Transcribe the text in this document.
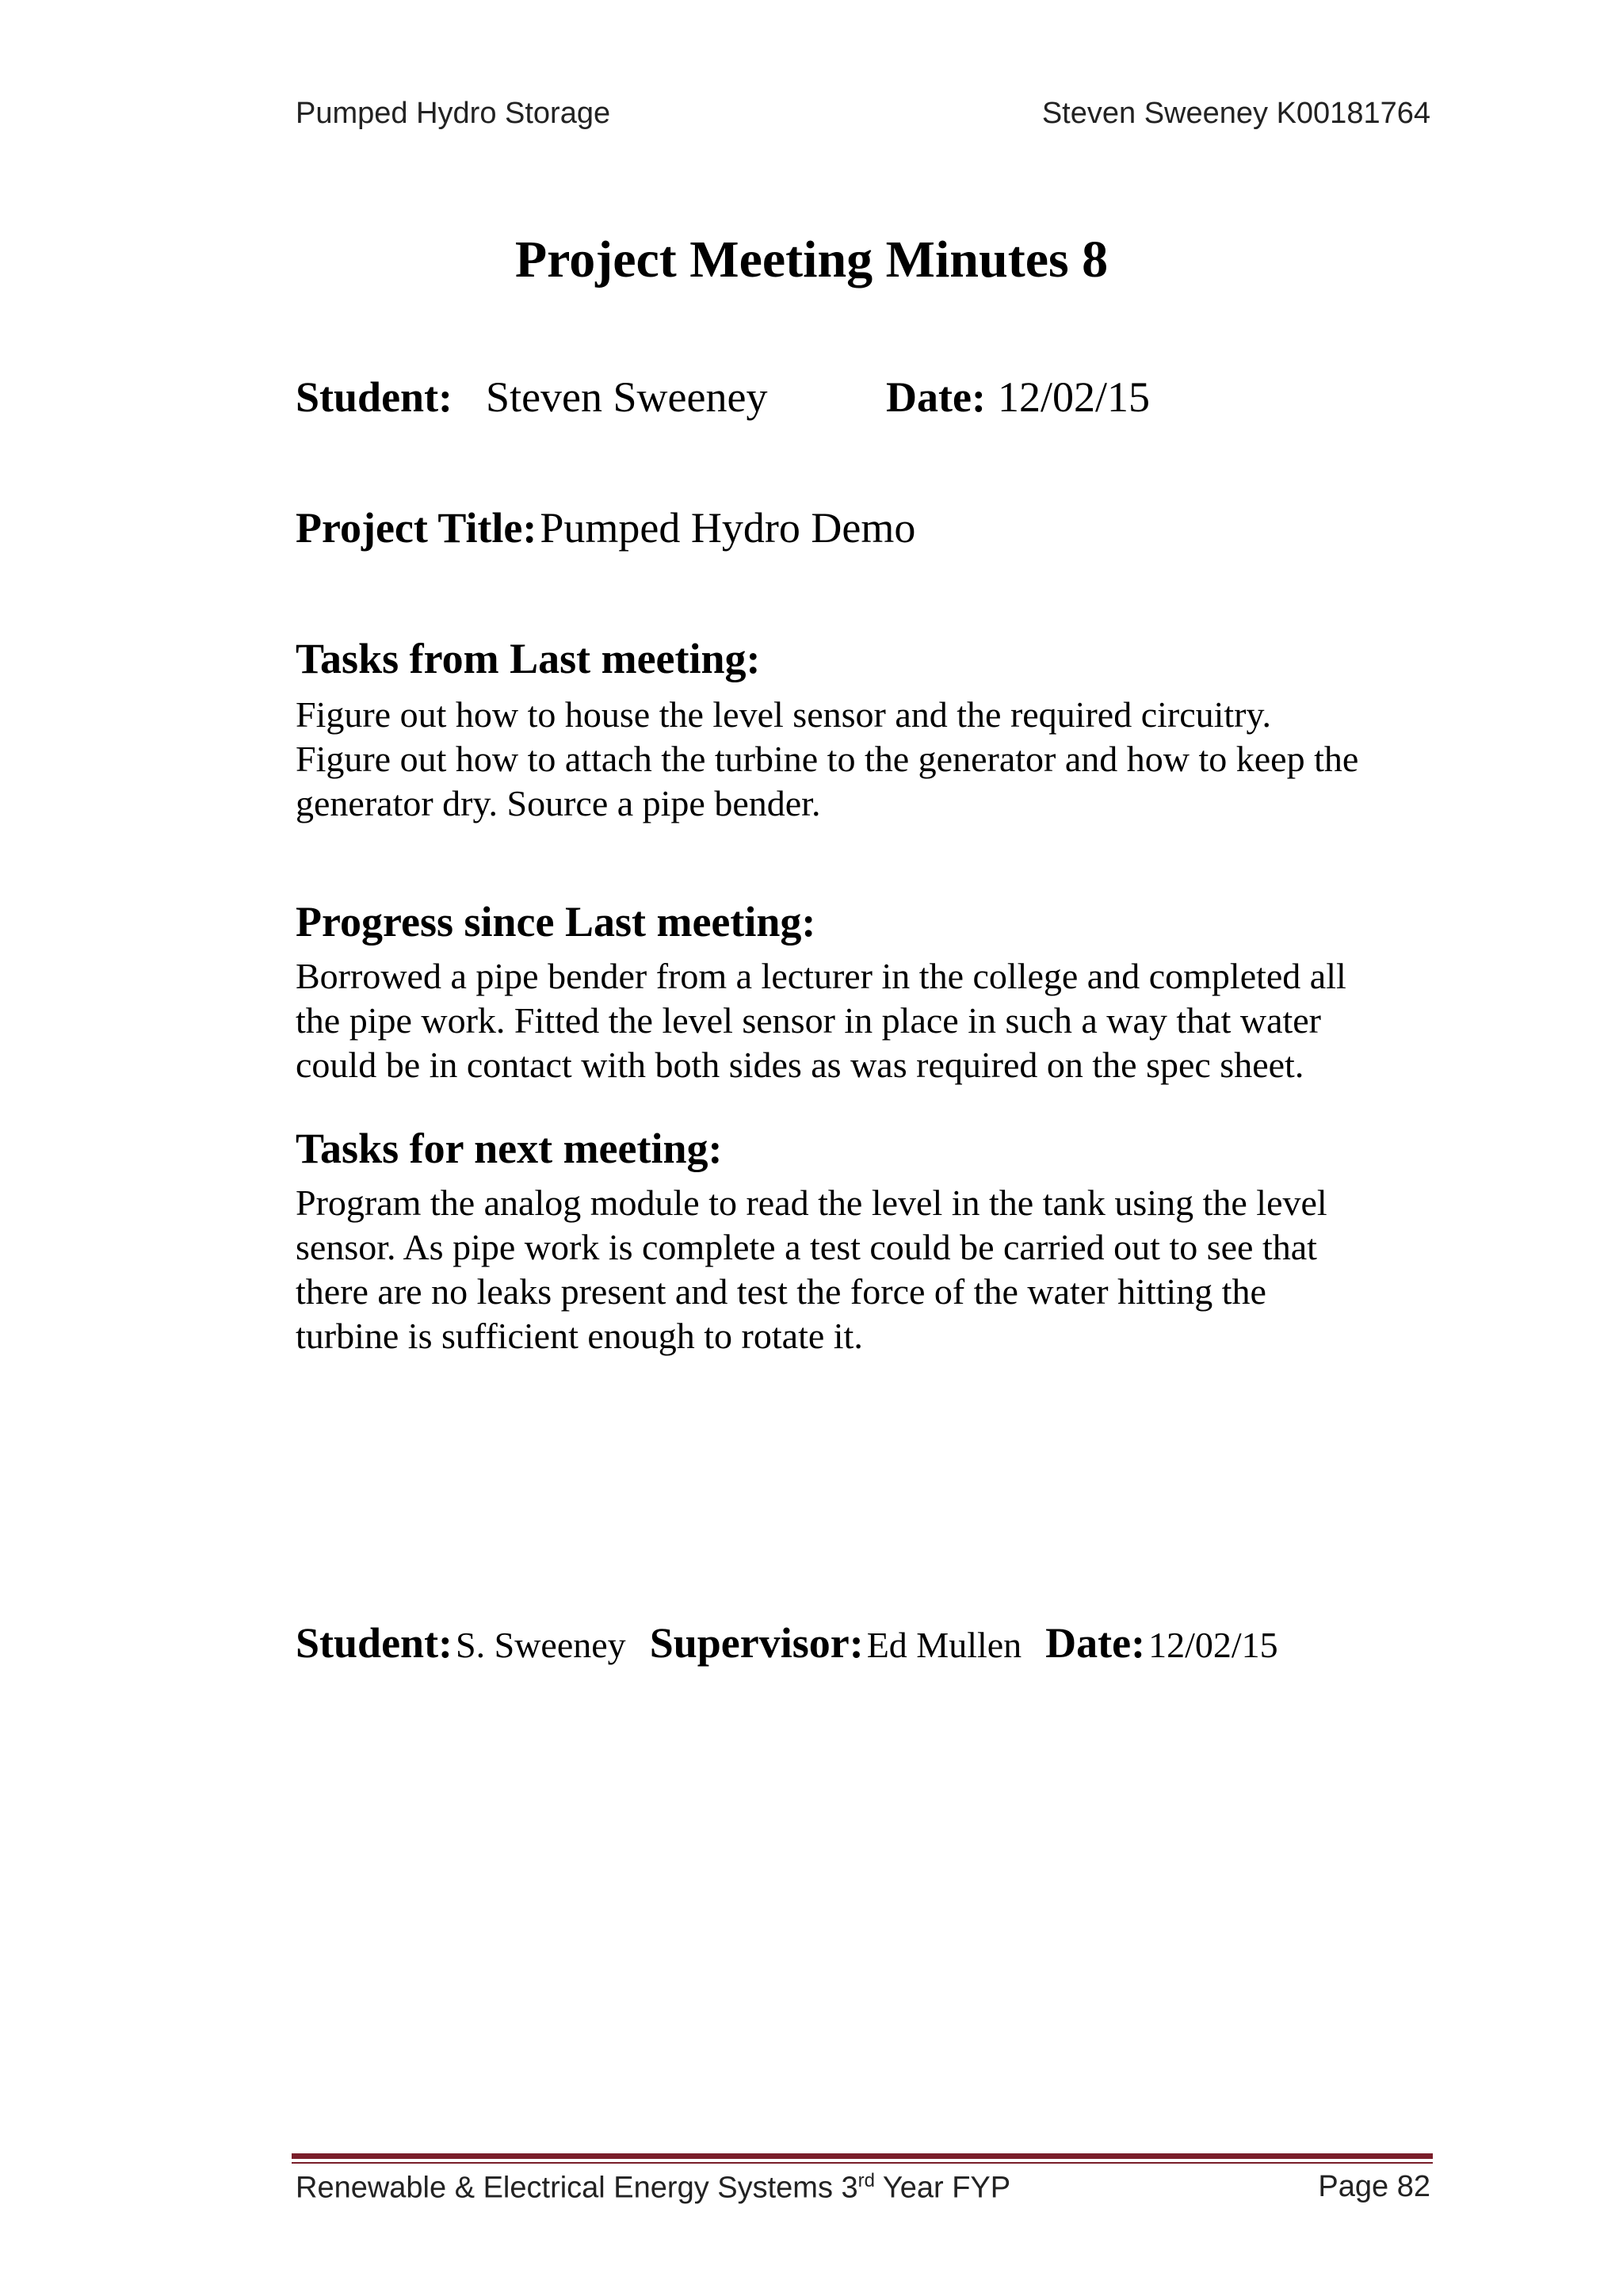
Pumped Hydro Storage	Steven Sweeney K00181764
Project Meeting Minutes 8
Student: Steven Sweeney	Date: 12/02/15
Project Title: Pumped Hydro Demo
Tasks from Last meeting:
Figure out how to house the level sensor and the required circuitry.
Figure out how to attach the turbine to the generator and how to keep the
generator dry. Source a pipe bender.
Progress since Last meeting:
Borrowed a pipe bender from a lecturer in the college and completed all
the pipe work. Fitted the level sensor in place in such a way that water
could be in contact with both sides as was required on the spec sheet.
Tasks for next meeting:
Program the analog module to read the level in the tank using the level
sensor. As pipe work is complete a test could be carried out to see that
there are no leaks present and test the force of the water hitting the
turbine is sufficient enough to rotate it.
Student: S. Sweeney Supervisor: Ed Mullen Date: 12/02/15
Renewable & Electrical Energy Systems 3rd Year FYP	Page 82
